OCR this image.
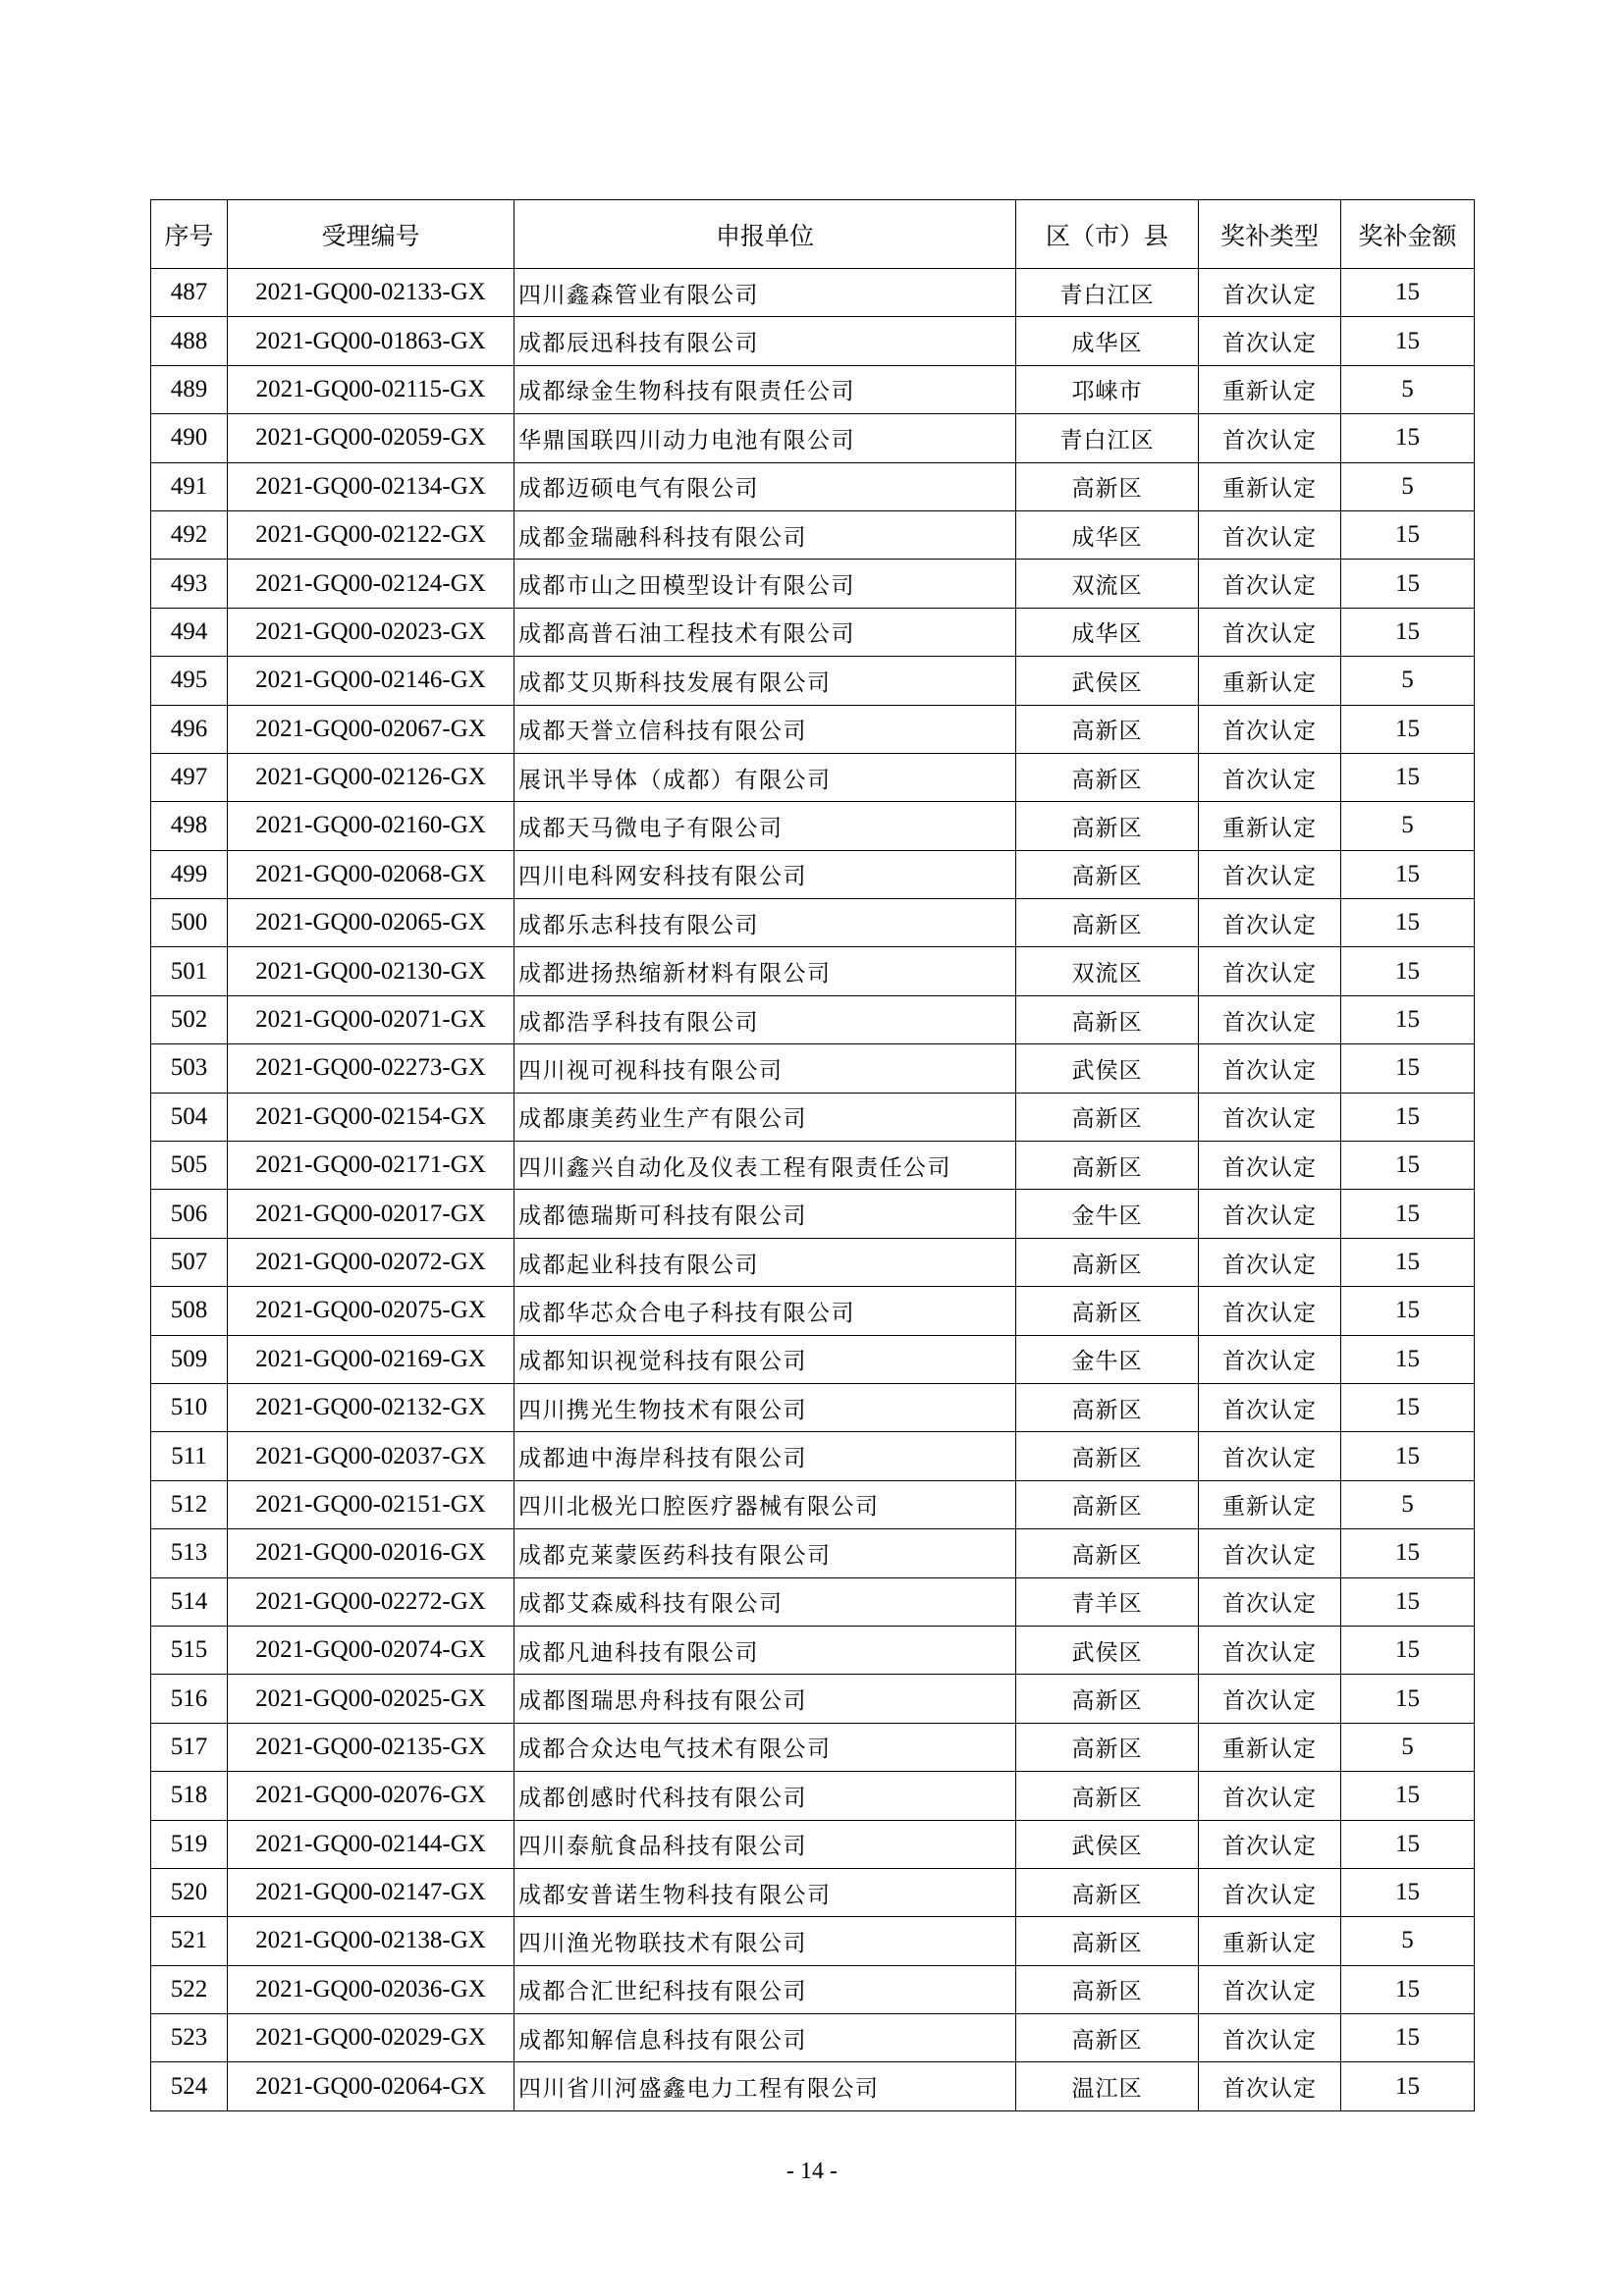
序号	受理编号	申报单位	区（市）县	奖补类型	奖补金额
487	2021-GQ00-02133-GX	四川鑫森管业有限公司	青白江区	首次认定	15
488	2021-GQ00-01863-GX	成都辰迅科技有限公司	成华区	首次认定	15
489	2021-GQ00-02115-GX	成都绿金生物科技有限责任公司	邛崃市	重新认定	5
490	2021-GQ00-02059-GX	华鼎国联四川动力电池有限公司	青白江区	首次认定	15
491	2021-GQ00-02134-GX	成都迈硕电气有限公司	高新区	重新认定	5
492	2021-GQ00-02122-GX	成都金瑞融科科技有限公司	成华区	首次认定	15
493	2021-GQ00-02124-GX	成都市山之田模型设计有限公司	双流区	首次认定	15
494	2021-GQ00-02023-GX	成都高普石油工程技术有限公司	成华区	首次认定	15
495	2021-GQ00-02146-GX	成都艾贝斯科技发展有限公司	武侯区	重新认定	5
496	2021-GQ00-02067-GX	成都天誉立信科技有限公司	高新区	首次认定	15
497	2021-GQ00-02126-GX	展讯半导体（成都）有限公司	高新区	首次认定	15
498	2021-GQ00-02160-GX	成都天马微电子有限公司	高新区	重新认定	5
499	2021-GQ00-02068-GX	四川电科网安科技有限公司	高新区	首次认定	15
500	2021-GQ00-02065-GX	成都乐志科技有限公司	高新区	首次认定	15
501	2021-GQ00-02130-GX	成都进扬热缩新材料有限公司	双流区	首次认定	15
502	2021-GQ00-02071-GX	成都浩孚科技有限公司	高新区	首次认定	15
503	2021-GQ00-02273-GX	四川视可视科技有限公司	武侯区	首次认定	15
504	2021-GQ00-02154-GX	成都康美药业生产有限公司	高新区	首次认定	15
505	2021-GQ00-02171-GX	四川鑫兴自动化及仪表工程有限责任公司	高新区	首次认定	15
506	2021-GQ00-02017-GX	成都德瑞斯可科技有限公司	金牛区	首次认定	15
507	2021-GQ00-02072-GX	成都起业科技有限公司	高新区	首次认定	15
508	2021-GQ00-02075-GX	成都华芯众合电子科技有限公司	高新区	首次认定	15
509	2021-GQ00-02169-GX	成都知识视觉科技有限公司	金牛区	首次认定	15
510	2021-GQ00-02132-GX	四川携光生物技术有限公司	高新区	首次认定	15
511	2021-GQ00-02037-GX	成都迪中海岸科技有限公司	高新区	首次认定	15
512	2021-GQ00-02151-GX	四川北极光口腔医疗器械有限公司	高新区	重新认定	5
513	2021-GQ00-02016-GX	成都克莱蒙医药科技有限公司	高新区	首次认定	15
514	2021-GQ00-02272-GX	成都艾森威科技有限公司	青羊区	首次认定	15
515	2021-GQ00-02074-GX	成都凡迪科技有限公司	武侯区	首次认定	15
516	2021-GQ00-02025-GX	成都图瑞思舟科技有限公司	高新区	首次认定	15
517	2021-GQ00-02135-GX	成都合众达电气技术有限公司	高新区	重新认定	5
518	2021-GQ00-02076-GX	成都创感时代科技有限公司	高新区	首次认定	15
519	2021-GQ00-02144-GX	四川泰航食品科技有限公司	武侯区	首次认定	15
520	2021-GQ00-02147-GX	成都安普诺生物科技有限公司	高新区	首次认定	15
521	2021-GQ00-02138-GX	四川渔光物联技术有限公司	高新区	重新认定	5
522	2021-GQ00-02036-GX	成都合汇世纪科技有限公司	高新区	首次认定	15
523	2021-GQ00-02029-GX	成都知解信息科技有限公司	高新区	首次认定	15
524	2021-GQ00-02064-GX	四川省川河盛鑫电力工程有限公司	温江区	首次认定	15
- 14 -
